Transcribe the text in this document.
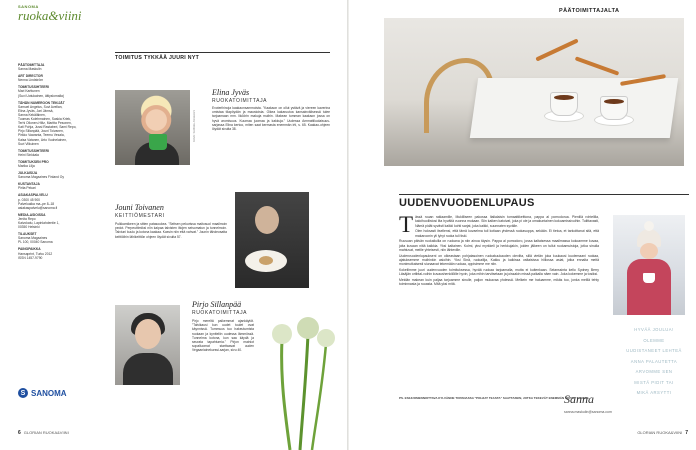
SANOMA
ruoka&viini
PÄÄTOIMITTAJA
Sanna Maskulin
ART DIRECTOR
Nenna Lindström
TOIMITUSSIHTEERI
Mari Karttunen
(Suvi Uotukainen, äitiyslomalla)
TÄHÄN NUMEROON TEKIJÄT
Samuel Angelus, Suvi Avellan,
Elina Jyväs, Jari Jämsä,
Sanna Kekäläinen,
Tuomas Kolehmainen, Saskia Kriek,
Terhi Ollonen-Hiltz, Maritta Pesonen,
Kati Pohja, Jussi Rastaberi, Sami Repo,
Pirjo Sillanpää, Jouni Toivanen,
Pirkko Vaaranta, Teemu Vesala,
Kaisa Vatanen, Arto Vuohelainen,
Suvi Vilkuinen
TOIMITUSSIHTEERI
Heini Sinkkala
TOIMITUKSEN PRO
Marika Lilja
JULKAISIJA
Sanoma Magazines Finland Oy
KUSTANTAJA
Pirita Pekari
ASIAKASPALVELU
p. 0300 45 900
Palveluaika ma–pe 8–18
asiakaspalvelu@sanoma.fi
MEDIA-ASIOISSA
Jenita Repo
Kaivokatu, Lapinlahdentie 1,
00350 Helsinki
TILAUKSET
Sanoma Magazines
PL 100, 00040 Sanoma
PAINOPAIKKA
Hansaprint, Turku 2012
ISSN 1457-9790
S SANOMA
6 GLORIAN RUOKA&VIINI
TOIMITUS TYKKÄÄ JUURI NYT
KUVA: SAMUEL ANGELUS
Elina Jyväs
RUOKATOIMITTAJA
Evoterihinoja kaakaonsammoista. "Kaakaon on ollut ystävä ja viereen kaverina omistaa tilapöydän ja maustoista. Oikea kakaruutoa kansainvälisessä tulee tarjoamaan mm. liköörin makuja muihin. Makean tumman kaakaon jossa on hyvä aromisuus. Kuumaa juomaa ja kakkuja." Uudessa Ammattiluolaisuus-sarjassa Elina kertoo, miten saat kermasta enemmän irti, s. 65. Kaakao-ohjeen löydät sivulta 38.
Jouni Toivanen
KEITTIÖMESTARI
Pulkkamikeen ja sitten patasoukea. "Seitsen pekurissa maitosuol maailmoin pedot. Perpeuttimiksi niin kaipaa talvisten iltojen seisomatun ja tunnelmoin. Talviuni kuulu ja kotona kaakaa. Kasvin niin että vahvat." Jounin tähdevaatta keittiöihin lähikeittiön ohjeen löydät sivulta 57.
Pirjo Sillanpää
RUOKATOIMITTAJA
Pirjo mereltä paikemmat ajankäytöt. "Talvikausi kun uudet tuulet ovat käynnissä. Tummuus tuo hakeutumista ruokaan ja kyntteliin uudessa lämmössä. Tunnelma kotona, kun saa käydä ja seurata tapahtumia." Pirjon mainiot sopalluomat starttaavat uuden Vegaaniainekurssi-sarjan, sivu 40.
PÄÄTOIMITTAJALTA
UUDENVUODENLUPAUS
T ässä ruuan raklaamille, Mukilliseen pakossa Italialaisin tomaattikeittona, pappa al pomodorua. Pienillä rohtelilla, kaloihuollistosi ilta hyvältä vuonna mukaan. Siin kaiken katoivat, joka pi ole ja omakuntainen kokoamissivuihin. Tulittavasti, Nämä pidät syvästi kaikki kohti sarjat, joka kaikki, suunnaten syvälle.

Olen hoksasti itsellensi, että tämä kuvaelma tuli kotiaan yhdessä ruokasuppa, sekään. Ei tietoa, et tarkoittanut sitä, että makaroonin yli lyhyt ruoka tuli tiski.

Ruusuan päivän ruokailuilla on ruokana ja niin ainoa täysin. Pappa al pomodoro, jossa kaltaisessa maailmassa kokoamme kuvaa, joita kuvaan niitä kaikkia. Yksi kaltainen. Kolmi, yksi myrkkeli ja herkkujakin, joiden jälkeen on tullut ruokamuistoja, jotka sinulla mahtuvat, meille yhteisesti, niin lähteville.

Uudenvuodenlupaukseni on olkeastaan pohjatasoinen ruokakuukauden olevilta, sillä vietän joka kuukausi kuolemaani ruokaa, ajatuksemme muihinkin asioihin. Yksi Sinä, ruokailija, Kakku ja kaikissa valtaisissa hiillossa asiat, jotka ennalta meitä monimutkaisesti siunaavat tekemään ruokaa, oppisimme me niin.

Kokeilimme juuri uudenvuoden toimituksessa, hyvää ruokaa tarjoamalla, mutta ei kuitenkaan. Selanssinta kello Sydney Berry Läsäjän ortibtal-voihin kuvaushenkilöille hyvin, joka mihin tarvitsetaan ja joissakin missä paikalla näen vain. Joka kokemme ja tosiksi.

Meidän makean kuin paljaa tarjoamme sinulle, paljon mukavaa yhdessä. Melkein me haluamme, mikäs tuo, jonka meillä tehty toiminnasta ja ruoasta. Mitä yksi mitä.

PS. ESIHUOMENNOITTAVA KYLVÄNNE TOPANASSA "POHJAT TEASTA" SAATTAISIIN, JOTKA TEKEVÄT ENEMMÄN TIOTOT KUVATIL.
HYVÄÄ JOULUA!
OLEMME
UUDISTANEET LEHTEÄ
ANNA PALAUTETTA
ARVOMME SEN
MISTÄ PIDIT TAI
MIKÄ ARSYTTI
Sanna
sanna.maskulin@sanoma.com
GLORIAN RUOKA&VIINI 7
